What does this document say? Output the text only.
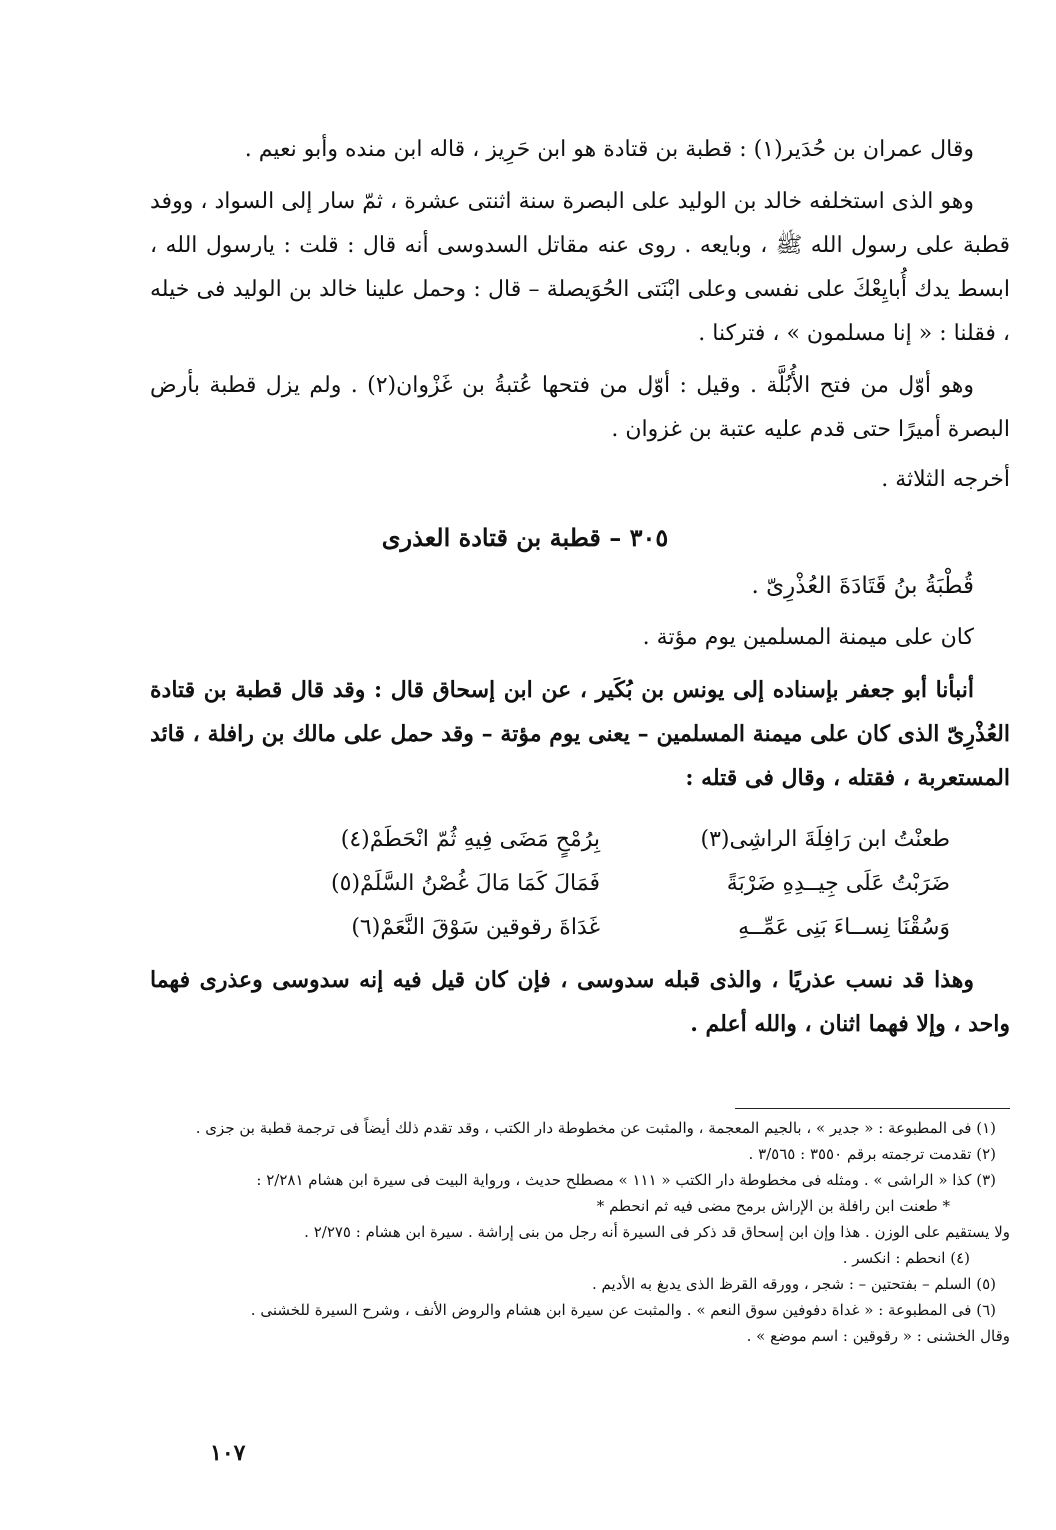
وقال عمران بن حُدَير(١) : قطبة بن قتادة هو ابن حَرِيز ، قاله ابن منده وأبو نعيم .

وهو الذى استخلفه خالد بن الوليد على البصرة سنة اثنتى عشرة ، ثمّ سار إلى السواد ، ووفد قطبة على رسول الله ﷺ ، وبايعه . روى عنه مقاتل السدوسى أنه قال : قلت : يارسول الله ، ابسط يدك أُبايِعْكَ على نفسى وعلى ابْنَتى الحُوَيصلة – قال : وحمل علينا خالد بن الوليد فى خيله ، فقلنا : « إنا مسلمون » ، فتركنا .

وهو أوّل من فتح الأُبُلَّة . وقيل : أوّل من فتحها عُتبةُ بن غَزْوان(٢) . ولم يزل قطبة بأرض البصرة أميرًا حتى قدم عليه عتبة بن غزوان .

أخرجه الثلاثة .

٣٠٥ – قطبة بن قتادة العذرى

قُطْبَةُ بنُ قَتَادَةَ العُذْرِىّ .

كان على ميمنة المسلمين يوم مؤتة .

أنبأنا أبو جعفر بإسناده إلى يونس بن بُكَير ، عن ابن إسحاق قال : وقد قال قطبة بن قتادة العُذْرِىّ الذى كان على ميمنة المسلمين – يعنى يوم مؤتة – وقد حمل على مالك بن رافلة ، قائد المستعربة ، فقتله ، وقال فى قتله :

طعنْتُ ابن رَافِلَةَ الراشِى(٣)
بِرُمْحٍ مَضَى فِيهِ ثُمّ انْحَطَمْ(٤)
ضَرَبْتُ عَلَى جِيــدِهِ ضَرْبَةً
فَمَالَ كَمَا مَالَ غُصْنُ السَّلَمْ(٥)
وَسُقْنَا نِســاءَ بَنِى عَمِّــهِ
غَدَاةَ رقوقين سَوْقَ النَّعَمْ(٦)

وهذا قد نسب عذريًا ، والذى قبله سدوسى ، فإن كان قيل فيه إنه سدوسى وعذرى فهما واحد ، وإلا فهما اثنان ، والله أعلم .

(١) فى المطبوعة : « جدير » ، بالجيم المعجمة ، والمثبت عن مخطوطة دار الكتب ، وقد تقدم ذلك أيضاً فى ترجمة قطبة بن جزى .

(٢) تقدمت ترجمته برقم ٣٥٥٠ : ٣/٥٦٥ .

(٣) كذا « الراشى » . ومثله فى مخطوطة دار الكتب « ١١١ » مصطلح حديث ، ورواية البيت فى سيرة ابن هشام ٢/٢٨١ :

* طعنت ابن رافلة بن الإراش برمح مضى فيه ثم انحطم *

ولا يستقيم على الوزن . هذا وإن ابن إسحاق قد ذكر فى السيرة أنه رجل من بنى إراشة . سيرة ابن هشام : ٢/٢٧٥ .

(٤) انحطم : انكسر .

(٥) السلم – بفتحتين – : شجر ، وورقه القرظ الذى يدبغ به الأديم .

(٦) فى المطبوعة : « غداة دفوفين سوق النعم » . والمثبت عن سيرة ابن هشام والروض الأنف ، وشرح السيرة للخشنى .

وقال الخشنى : « رقوقين : اسم موضع » .

١٠٧
